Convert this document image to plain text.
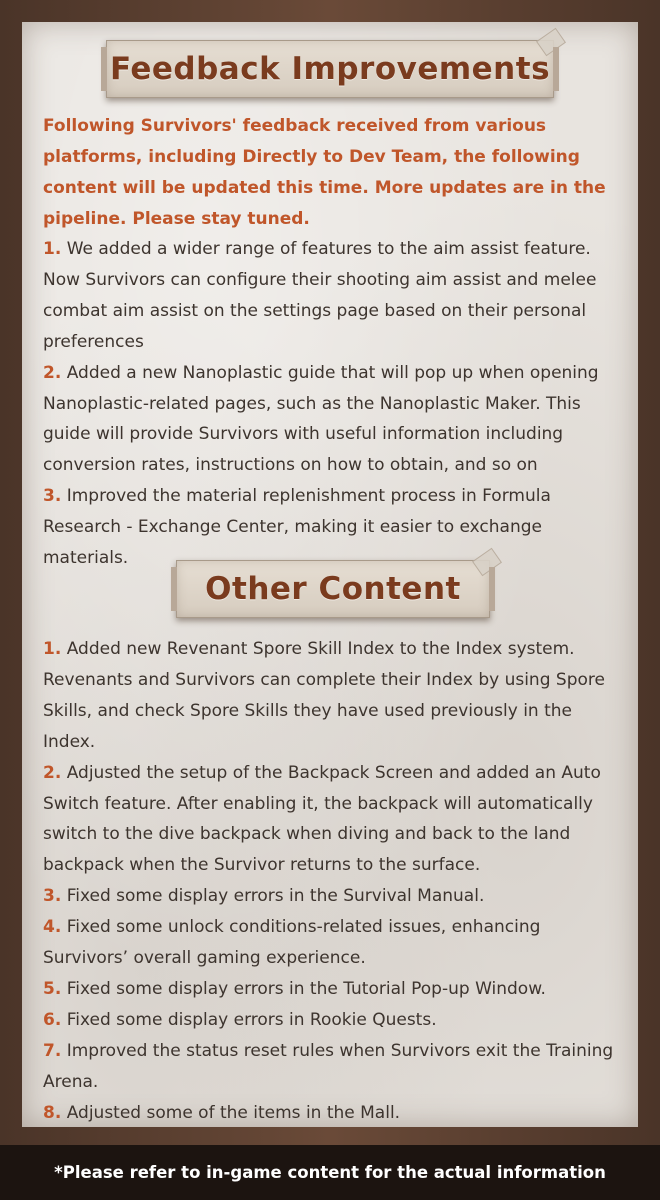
Feedback Improvements
Following Survivors' feedback received from various platforms, including Directly to Dev Team, the following content will be updated this time. More updates are in the pipeline. Please stay tuned.

1. We added a wider range of features to the aim assist feature. Now Survivors can configure their shooting aim assist and melee combat aim assist on the settings page based on their personal preferences

2. Added a new Nanoplastic guide that will pop up when opening Nanoplastic-related pages, such as the Nanoplastic Maker. This guide will provide Survivors with useful information including conversion rates, instructions on how to obtain, and so on

3. Improved the material replenishment process in Formula Research - Exchange Center, making it easier to exchange materials.

Other Content

1. Added new Revenant Spore Skill Index to the Index system. Revenants and Survivors can complete their Index by using Spore Skills, and check Spore Skills they have used previously in the Index.

2. Adjusted the setup of the Backpack Screen and added an Auto Switch feature. After enabling it, the backpack will automatically switch to the dive backpack when diving and back to the land backpack when the Survivor returns to the surface.

3. Fixed some display errors in the Survival Manual.

4. Fixed some unlock conditions-related issues, enhancing Survivors’ overall gaming experience.

5. Fixed some display errors in the Tutorial Pop-up Window.

6. Fixed some display errors in Rookie Quests.

7. Improved the status reset rules when Survivors exit the Training Arena.

8. Adjusted some of the items in the Mall.

*Please refer to in-game content for the actual information
